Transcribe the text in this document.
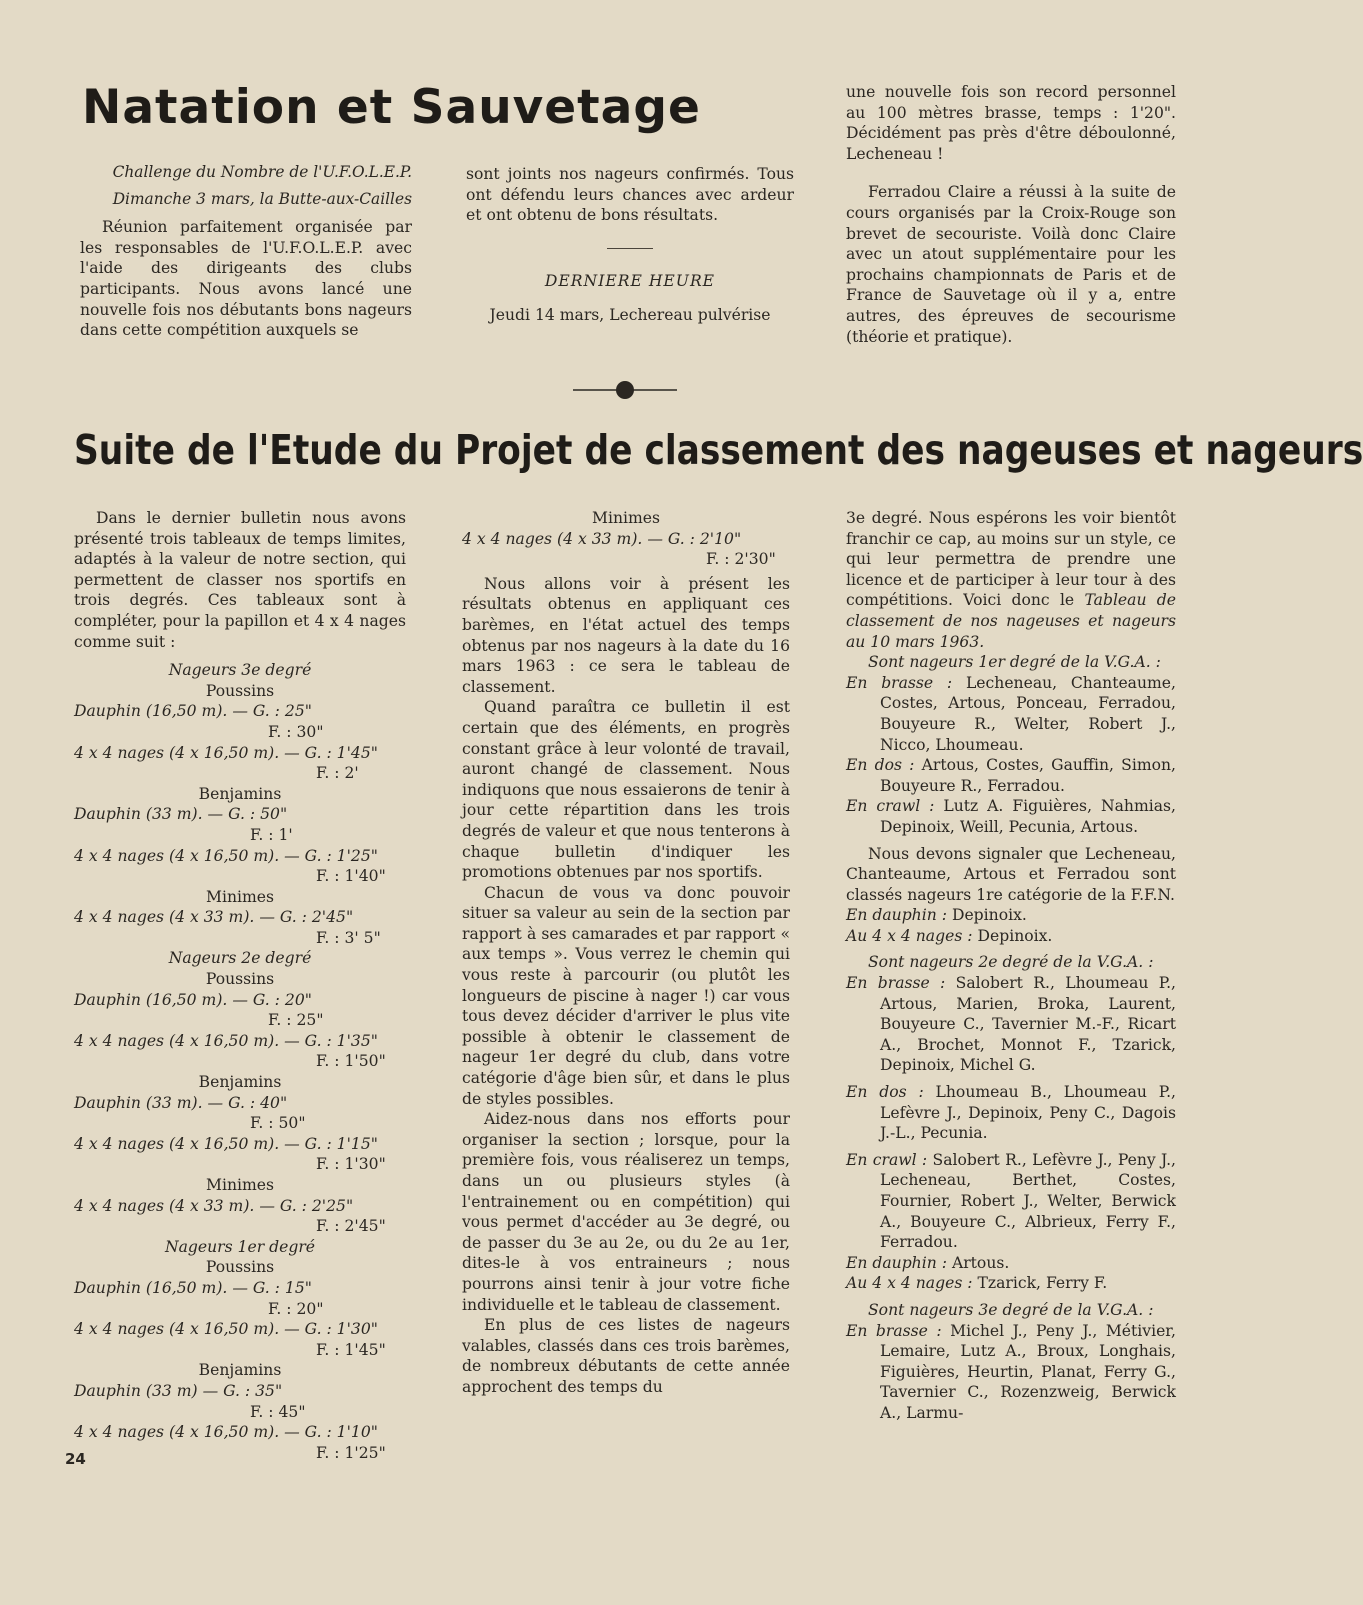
Natation et Sauvetage

Challenge du Nombre de l'U.F.O.L.E.P.

Dimanche 3 mars, la Butte-aux-Cailles

Réunion parfaitement organisée par les responsables de l'U.F.O.L.E.P. avec l'aide des dirigeants des clubs participants. Nous avons lancé une nouvelle fois nos débutants bons nageurs dans cette compétition auxquels se

sont joints nos nageurs confirmés. Tous ont défendu leurs chances avec ardeur et ont obtenu de bons résultats.

DERNIERE HEURE

Jeudi 14 mars, Lechereau pulvérise

une nouvelle fois son record personnel au 100 mètres brasse, temps : 1'20". Décidément pas près d'être déboulonné, Lecheneau !

Ferradou Claire a réussi à la suite de cours organisés par la Croix-Rouge son brevet de secouriste. Voilà donc Claire avec un atout supplémentaire pour les prochains championnats de Paris et de France de Sauvetage où il y a, entre autres, des épreuves de secourisme (théorie et pratique).

Suite de l'Etude du Projet de classement des nageuses et nageurs

Dans le dernier bulletin nous avons présenté trois tableaux de temps limites, adaptés à la valeur de notre section, qui permettent de classer nos sportifs en trois degrés. Ces tableaux sont à compléter, pour la papillon et 4 x 4 nages comme suit :

Nageurs 3e degré

Poussins

Dauphin (16,50 m). — G. : 25"

F. : 30"

4 x 4 nages (4 x 16,50 m). — G. : 1'45"

F. : 2'

Benjamins

Dauphin (33 m). — G. : 50"

F. : 1'

4 x 4 nages (4 x 16,50 m). — G. : 1'25"

F. : 1'40"

Minimes

4 x 4 nages (4 x 33 m). — G. : 2'45"

F. : 3' 5"

Nageurs 2e degré

Poussins

Dauphin (16,50 m). — G. : 20"

F. : 25"

4 x 4 nages (4 x 16,50 m). — G. : 1'35"

F. : 1'50"

Benjamins

Dauphin (33 m). — G. : 40"

F. : 50"

4 x 4 nages (4 x 16,50 m). — G. : 1'15"

F. : 1'30"

Minimes

4 x 4 nages (4 x 33 m). — G. : 2'25"

F. : 2'45"

Nageurs 1er degré

Poussins

Dauphin (16,50 m). — G. : 15"

F. : 20"

4 x 4 nages (4 x 16,50 m). — G. : 1'30"

F. : 1'45"

Benjamins

Dauphin (33 m) — G. : 35"

F. : 45"

4 x 4 nages (4 x 16,50 m). — G. : 1'10"

F. : 1'25"

Minimes

4 x 4 nages (4 x 33 m). — G. : 2'10"

F. : 2'30"

Nous allons voir à présent les résultats obtenus en appliquant ces barèmes, en l'état actuel des temps obtenus par nos nageurs à la date du 16 mars 1963 : ce sera le tableau de classement.

Quand paraîtra ce bulletin il est certain que des éléments, en progrès constant grâce à leur volonté de travail, auront changé de classement. Nous indiquons que nous essaierons de tenir à jour cette répartition dans les trois degrés de valeur et que nous tenterons à chaque bulletin d'indiquer les promotions obtenues par nos sportifs.

Chacun de vous va donc pouvoir situer sa valeur au sein de la section par rapport à ses camarades et par rapport « aux temps ». Vous verrez le chemin qui vous reste à parcourir (ou plutôt les longueurs de piscine à nager !) car vous tous devez décider d'arriver le plus vite possible à obtenir le classement de nageur 1er degré du club, dans votre catégorie d'âge bien sûr, et dans le plus de styles possibles.

Aidez-nous dans nos efforts pour organiser la section ; lorsque, pour la première fois, vous réaliserez un temps, dans un ou plusieurs styles (à l'entrainement ou en compétition) qui vous permet d'accéder au 3e degré, ou de passer du 3e au 2e, ou du 2e au 1er, dites-le à vos entraineurs ; nous pourrons ainsi tenir à jour votre fiche individuelle et le tableau de classement.

En plus de ces listes de nageurs valables, classés dans ces trois barèmes, de nombreux débutants de cette année approchent des temps du

3e degré. Nous espérons les voir bientôt franchir ce cap, au moins sur un style, ce qui leur permettra de prendre une licence et de participer à leur tour à des compétitions. Voici donc le Tableau de classement de nos nageuses et nageurs au 10 mars 1963.

Sont nageurs 1er degré de la V.G.A. :

En brasse : Lecheneau, Chanteaume, Costes, Artous, Ponceau, Ferradou, Bouyeure R., Welter, Robert J., Nicco, Lhoumeau.

En dos : Artous, Costes, Gauffin, Simon, Bouyeure R., Ferradou.

En crawl : Lutz A. Figuières, Nahmias, Depinoix, Weill, Pecunia, Artous.

Nous devons signaler que Lecheneau, Chanteaume, Artous et Ferradou sont classés nageurs 1re catégorie de la F.F.N.

En dauphin : Depinoix.

Au 4 x 4 nages : Depinoix.

Sont nageurs 2e degré de la V.G.A. :

En brasse : Salobert R., Lhoumeau P., Artous, Marien, Broka, Laurent, Bouyeure C., Tavernier M.-F., Ricart A., Brochet, Monnot F., Tzarick, Depinoix, Michel G.

En dos : Lhoumeau B., Lhoumeau P., Lefèvre J., Depinoix, Peny C., Dagois J.-L., Pecunia.

En crawl : Salobert R., Lefèvre J., Peny J., Lecheneau, Berthet, Costes, Fournier, Robert J., Welter, Berwick A., Bouyeure C., Albrieux, Ferry F., Ferradou.

En dauphin : Artous.

Au 4 x 4 nages : Tzarick, Ferry F.

Sont nageurs 3e degré de la V.G.A. :

En brasse : Michel J., Peny J., Métivier, Lemaire, Lutz A., Broux, Longhais, Figuières, Heurtin, Planat, Ferry G., Tavernier C., Rozenzweig, Berwick A., Larmu-

24
